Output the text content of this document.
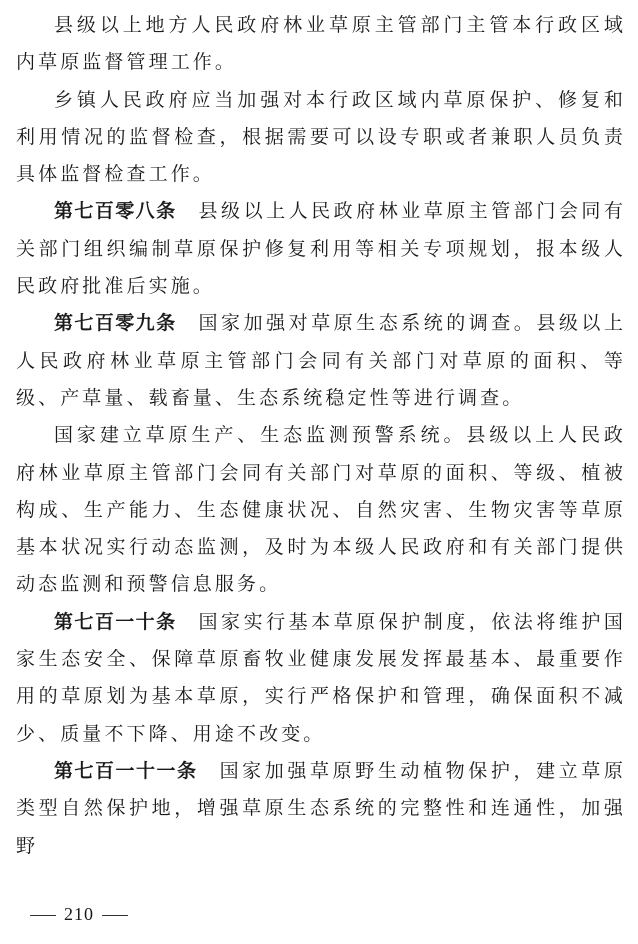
县级以上地方人民政府林业草原主管部门主管本行政区域内草原监督管理工作。

乡镇人民政府应当加强对本行政区域内草原保护、修复和利用情况的监督检查，根据需要可以设专职或者兼职人员负责具体监督检查工作。

第七百零八条 县级以上人民政府林业草原主管部门会同有关部门组织编制草原保护修复利用等相关专项规划，报本级人民政府批准后实施。

第七百零九条 国家加强对草原生态系统的调查。县级以上人民政府林业草原主管部门会同有关部门对草原的面积、等级、产草量、载畜量、生态系统稳定性等进行调查。

国家建立草原生产、生态监测预警系统。县级以上人民政府林业草原主管部门会同有关部门对草原的面积、等级、植被构成、生产能力、生态健康状况、自然灾害、生物灾害等草原基本状况实行动态监测，及时为本级人民政府和有关部门提供动态监测和预警信息服务。

第七百一十条 国家实行基本草原保护制度，依法将维护国家生态安全、保障草原畜牧业健康发展发挥最基本、最重要作用的草原划为基本草原，实行严格保护和管理，确保面积不减少、质量不下降、用途不改变。

第七百一十一条 国家加强草原野生动植物保护，建立草原类型自然保护地，增强草原生态系统的完整性和连通性，加强野

210
